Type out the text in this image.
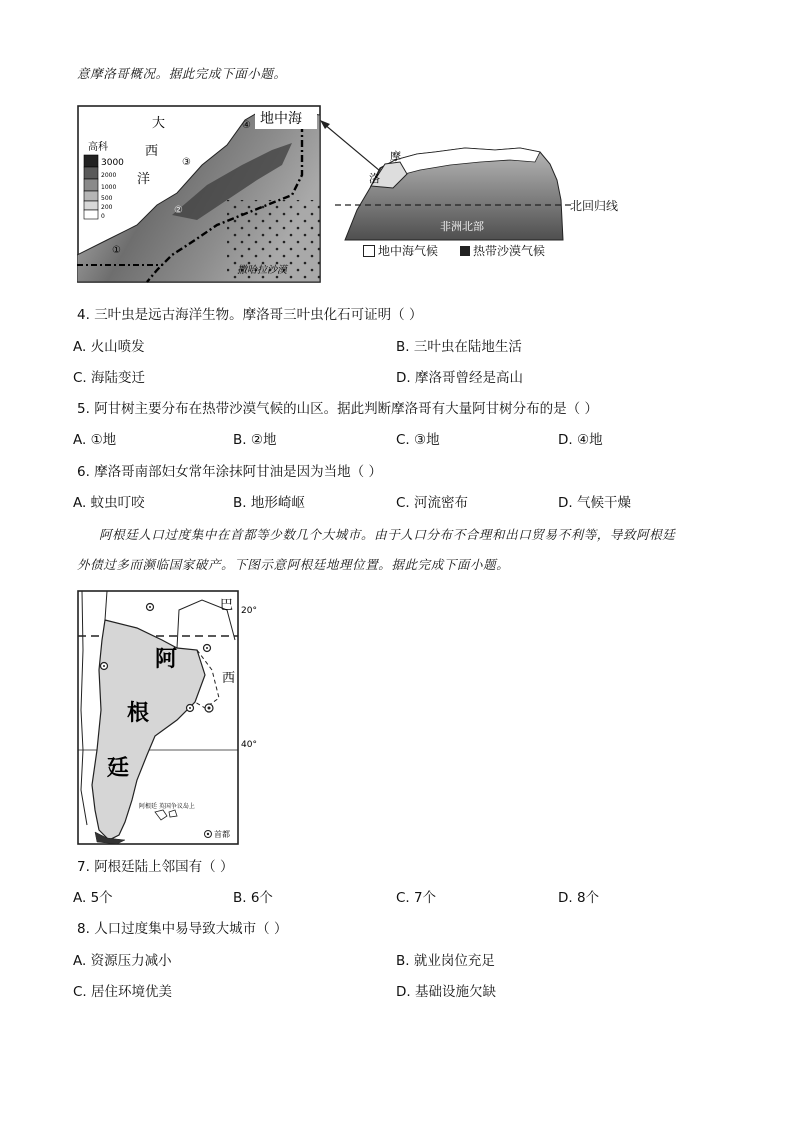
意摩洛哥概况。据此完成下面小题。
地中海
大
西
洋
③
④
②
①
撒哈拉沙漠
高科
3000
2000
1000
500
200
0
摩
洛
非洲北部
北回归线
地中海气候	热带沙漠气候
4. 三叶虫是远古海洋生物。摩洛哥三叶虫化石可证明（ ）
A. 火山喷发	B. 三叶虫在陆地生活
C. 海陆变迁	D. 摩洛哥曾经是高山
5. 阿甘树主要分布在热带沙漠气候的山区。据此判断摩洛哥有大量阿甘树分布的是（ ）
A. ①地	B. ②地	C. ③地	D. ④地
6. 摩洛哥南部妇女常年涂抹阿甘油是因为当地（ ）
A. 蚊虫叮咬	B. 地形崎岖	C. 河流密布	D. 气候干燥
阿根廷人口过度集中在首都等少数几个大城市。由于人口分布不合理和出口贸易不利等，导致阿根廷
外债过多而濒临国家破产。下图示意阿根廷地理位置。据此完成下面小题。
巴
西
20°
40°
阿
根
廷
阿根廷 英国争议岛上
首都
7. 阿根廷陆上邻国有（ ）
A. 5个	B. 6个	C. 7个	D. 8个
8. 人口过度集中易导致大城市（ ）
A. 资源压力减小	B. 就业岗位充足
C. 居住环境优美	D. 基础设施欠缺
